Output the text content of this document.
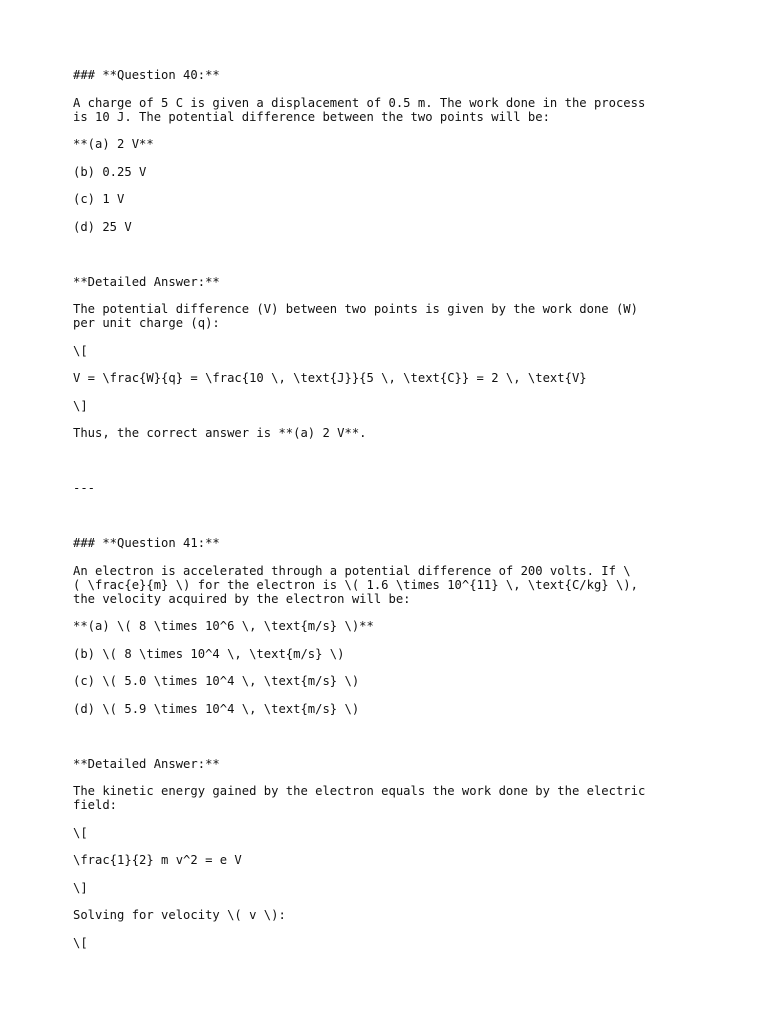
### **Question 40:**
A charge of 5 C is given a displacement of 0.5 m. The work done in the process
is 10 J. The potential difference between the two points will be:
**(a) 2 V**
(b) 0.25 V
(c) 1 V
(d) 25 V
**Detailed Answer:**
The potential difference (V) between two points is given by the work done (W)
per unit charge (q):
\[
V = \frac{W}{q} = \frac{10 \, \text{J}}{5 \, \text{C}} = 2 \, \text{V}
\]
Thus, the correct answer is **(a) 2 V**.
---
### **Question 41:**
An electron is accelerated through a potential difference of 200 volts. If \
( \frac{e}{m} \) for the electron is \( 1.6 \times 10^{11} \, \text{C/kg} \),
the velocity acquired by the electron will be:
**(a) \( 8 \times 10^6 \, \text{m/s} \)**
(b) \( 8 \times 10^4 \, \text{m/s} \)
(c) \( 5.0 \times 10^4 \, \text{m/s} \)
(d) \( 5.9 \times 10^4 \, \text{m/s} \)
**Detailed Answer:**
The kinetic energy gained by the electron equals the work done by the electric
field:
\[
\frac{1}{2} m v^2 = e V
\]
Solving for velocity \( v \):
\[
